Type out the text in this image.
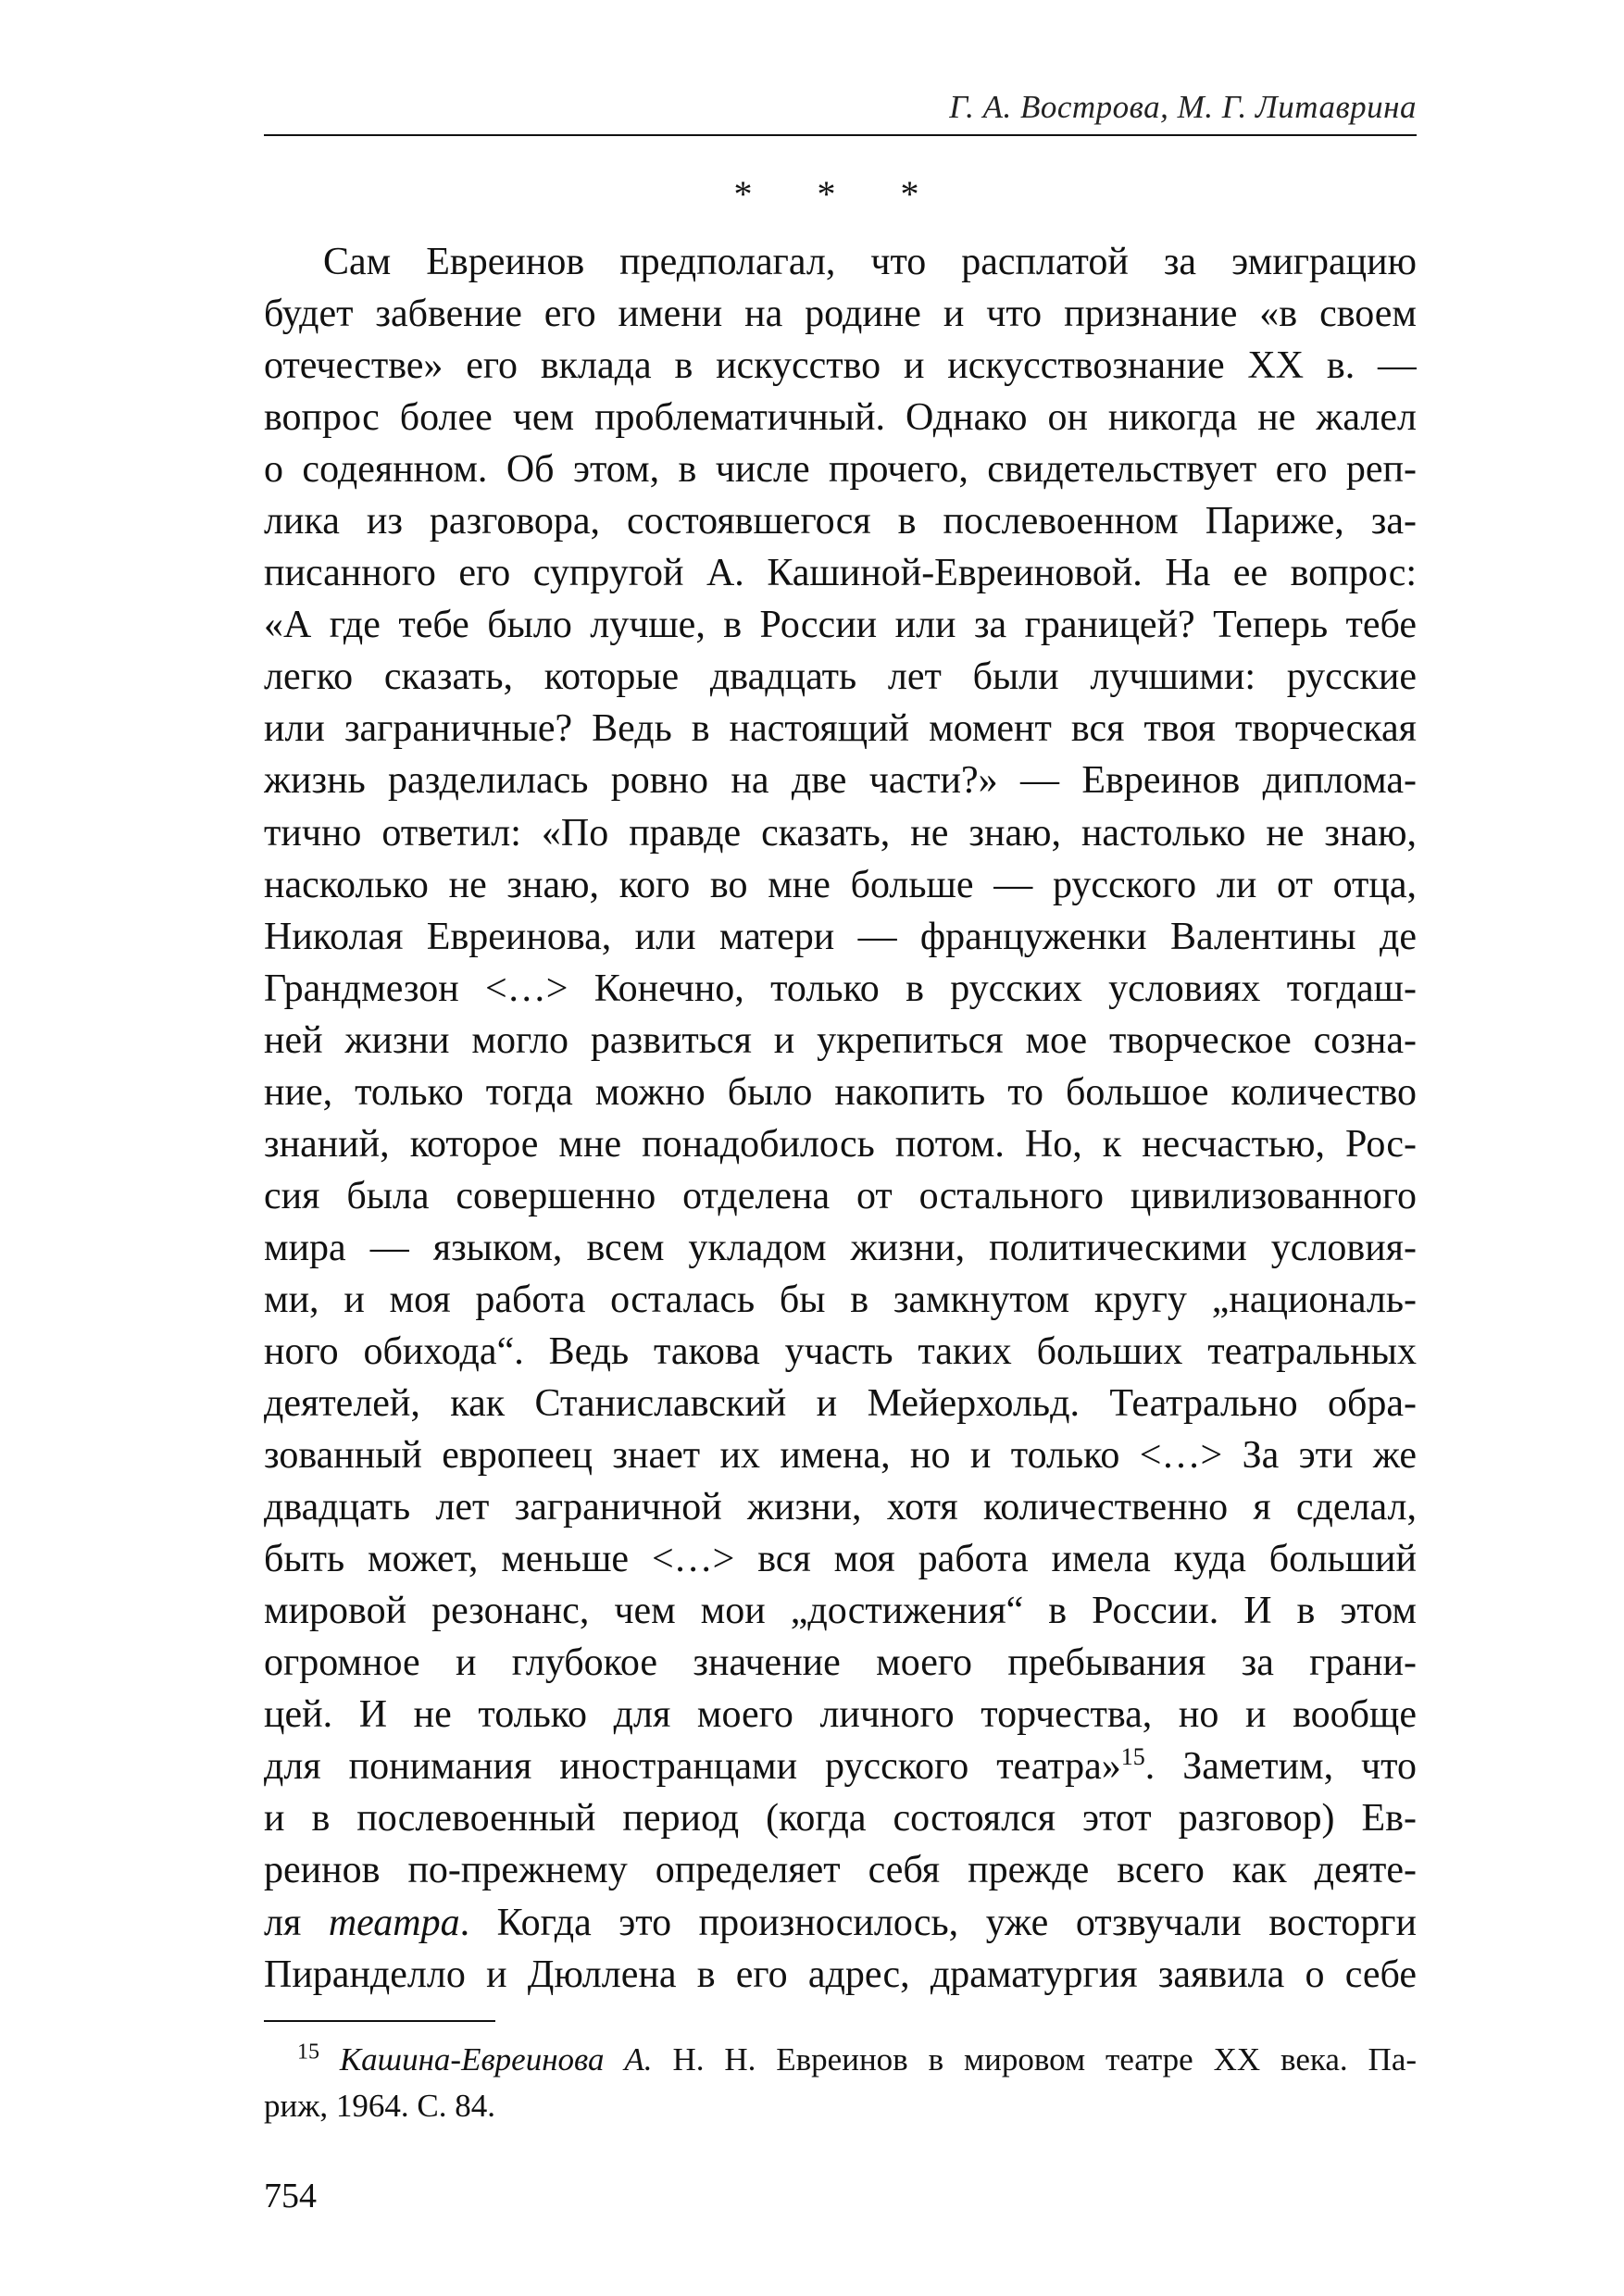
Г. А. Вострова, М. Г. Литаврина
* * *
Сам Евреинов предполагал, что расплатой за эмиграцию
будет забвение его имени на родине и что признание «в своем
отечестве» его вклада в искусство и искусствознание ХХ в. —
вопрос более чем проблематичный. Однако он никогда не жалел
о содеянном. Об этом, в числе прочего, свидетельствует его реп-
лика из разговора, состоявшегося в послевоенном Париже, за-
писанного его супругой А. Кашиной-Евреиновой. На ее вопрос:
«А где тебе было лучше, в России или за границей? Теперь тебе
легко сказать, которые двадцать лет были лучшими: русские
или заграничные? Ведь в настоящий момент вся твоя творческая
жизнь разделилась ровно на две части?» — Евреинов диплома-
тично ответил: «По правде сказать, не знаю, настолько не знаю,
насколько не знаю, кого во мне больше — русского ли от отца,
Николая Евреинова, или матери — француженки Валентины де
Грандмезон <…> Конечно, только в русских условиях тогдаш-
ней жизни могло развиться и укрепиться мое творческое созна-
ние, только тогда можно было накопить то большое количество
знаний, которое мне понадобилось потом. Но, к несчастью, Рос-
сия была совершенно отделена от остального цивилизованного
мира — языком, всем укладом жизни, политическими условия-
ми, и моя работа осталась бы в замкнутом кругу „националь-
ного обихода“. Ведь такова участь таких больших театральных
деятелей, как Станиславский и Мейерхольд. Театрально обра-
зованный европеец знает их имена, но и только <…> За эти же
двадцать лет заграничной жизни, хотя количественно я сделал,
быть может, меньше <…> вся моя работа имела куда больший
мировой резонанс, чем мои „достижения“ в России. И в этом
огромное и глубокое значение моего пребывания за грани-
цей. И не только для моего личного торчества, но и вообще
для понимания иностранцами русского театра»$^{15}$. Заметим, что
и в послевоенный период (когда состоялся этот разговор) Ев-
реинов по-прежнему определяет себя прежде всего как деяте-
ля театра. Когда это произносилось, уже отзвучали восторги
Пиранделло и Дюллена в его адрес, драматургия заявила о себе
$^{15}$ Кашина-Евреинова А. Н. Н. Евреинов в мировом театре ХХ века. Па-
риж, 1964. С. 84.
754
